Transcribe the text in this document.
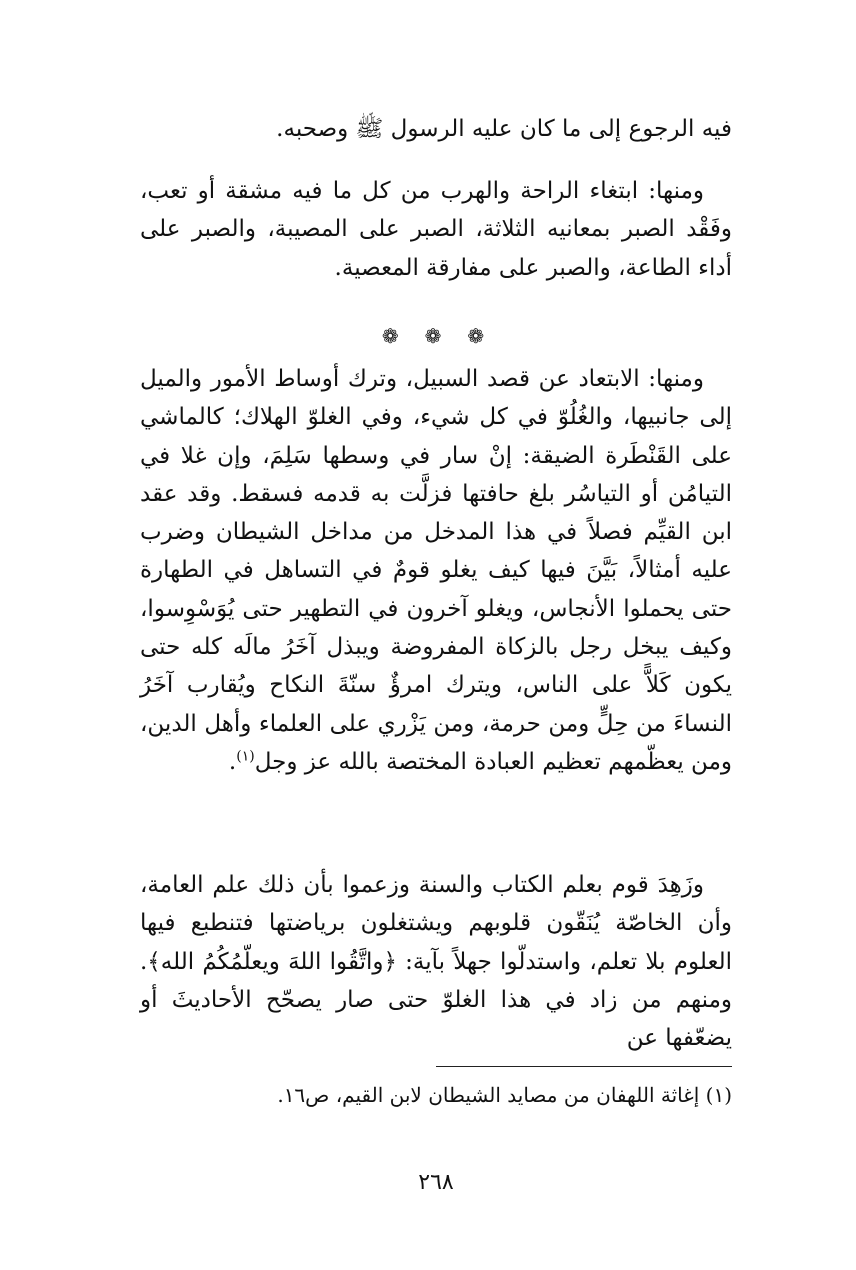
فيه الرجوع إلى ما كان عليه الرسول ﷺ وصحبه.

ومنها: ابتغاء الراحة والهرب من كل ما فيه مشقة أو تعب، وفَقْد الصبر بمعانيه الثلاثة، الصبر على المصيبة، والصبر على أداء الطاعة، والصبر على مفارقة المعصية.

❁ ❁ ❁

ومنها: الابتعاد عن قصد السبيل، وترك أوساط الأمور والميل إلى جانبيها، والغُلُوّ في كل شيء، وفي الغلوّ الهلاك؛ كالماشي على القَنْطَرة الضيقة: إنْ سار في وسطها سَلِمَ، وإن غلا في التيامُن أو التياسُر بلغ حافتها فزلَّت به قدمه فسقط. وقد عقد ابن القيِّم فصلاً في هذا المدخل من مداخل الشيطان وضرب عليه أمثالاً، بَيَّنَ فيها كيف يغلو قومٌ في التساهل في الطهارة حتى يحملوا الأنجاس، ويغلو آخرون في التطهير حتى يُوَسْوِسوا، وكيف يبخل رجل بالزكاة المفروضة ويبذل آخَرُ مالَه كله حتى يكون كَلاًّ على الناس، ويترك امرؤٌ سنّةَ النكاح ويُقارب آخَرُ النساءَ من حِلٍّ ومن حرمة، ومن يَزْري على العلماء وأهل الدين، ومن يعظّمهم تعظيم العبادة المختصة بالله عز وجل$^{(١)}$.

وزَهِدَ قوم بعلم الكتاب والسنة وزعموا بأن ذلك علم العامة، وأن الخاصّة يُنَقّون قلوبهم ويشتغلون برياضتها فتنطبع فيها العلوم بلا تعلم، واستدلّوا جهلاً بآية: ﴿واتَّقُوا اللهَ ويعلّمُكُمُ الله﴾. ومنهم من زاد في هذا الغلوّ حتى صار يصحّح الأحاديثَ أو يضعّفها عن

(١) إغاثة اللهفان من مصايد الشيطان لابن القيم، ص١٦.

٢٦٨
